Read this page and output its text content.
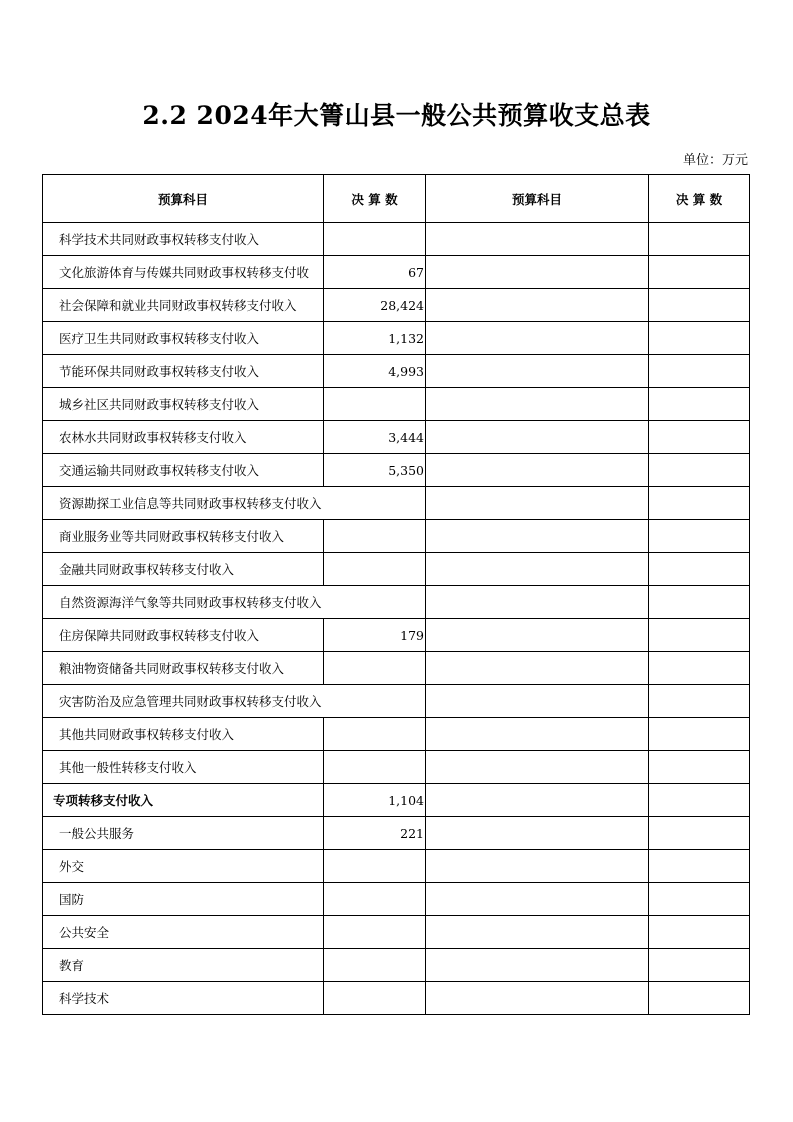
2.2 2024年大箐山县一般公共预算收支总表
单位：万元
预算科目	决 算 数	预算科目	决 算 数
科学技术共同财政事权转移支付收入			
文化旅游体育与传媒共同财政事权转移支付收	67		
社会保障和就业共同财政事权转移支付收入	28,424		
医疗卫生共同财政事权转移支付收入	1,132		
节能环保共同财政事权转移支付收入	4,993		
城乡社区共同财政事权转移支付收入			
农林水共同财政事权转移支付收入	3,444		
交通运输共同财政事权转移支付收入	5,350		
资源勘探工业信息等共同财政事权转移支付收入			
商业服务业等共同财政事权转移支付收入			
金融共同财政事权转移支付收入			
自然资源海洋气象等共同财政事权转移支付收入			
住房保障共同财政事权转移支付收入	179		
粮油物资储备共同财政事权转移支付收入			
灾害防治及应急管理共同财政事权转移支付收入			
其他共同财政事权转移支付收入			
其他一般性转移支付收入			
专项转移支付收入	1,104		
一般公共服务	221		
外交			
国防			
公共安全			
教育			
科学技术			
